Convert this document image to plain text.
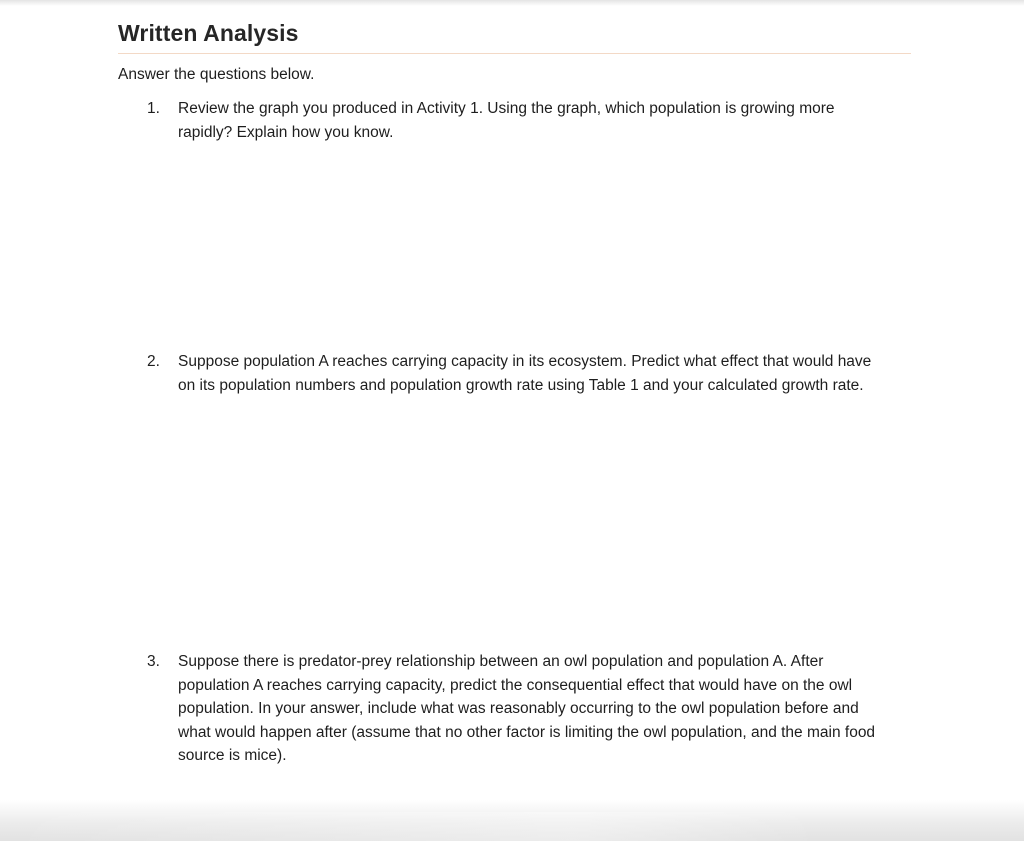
Written Analysis
Answer the questions below.
1.	Review the graph you produced in Activity 1. Using the graph, which population is growing more rapidly? Explain how you know.
2.	Suppose population A reaches carrying capacity in its ecosystem. Predict what effect that would have on its population numbers and population growth rate using Table 1 and your calculated growth rate.
3.	Suppose there is predator-prey relationship between an owl population and population A. After population A reaches carrying capacity, predict the consequential effect that would have on the owl population. In your answer, include what was reasonably occurring to the owl population before and what would happen after (assume that no other factor is limiting the owl population, and the main food source is mice).
